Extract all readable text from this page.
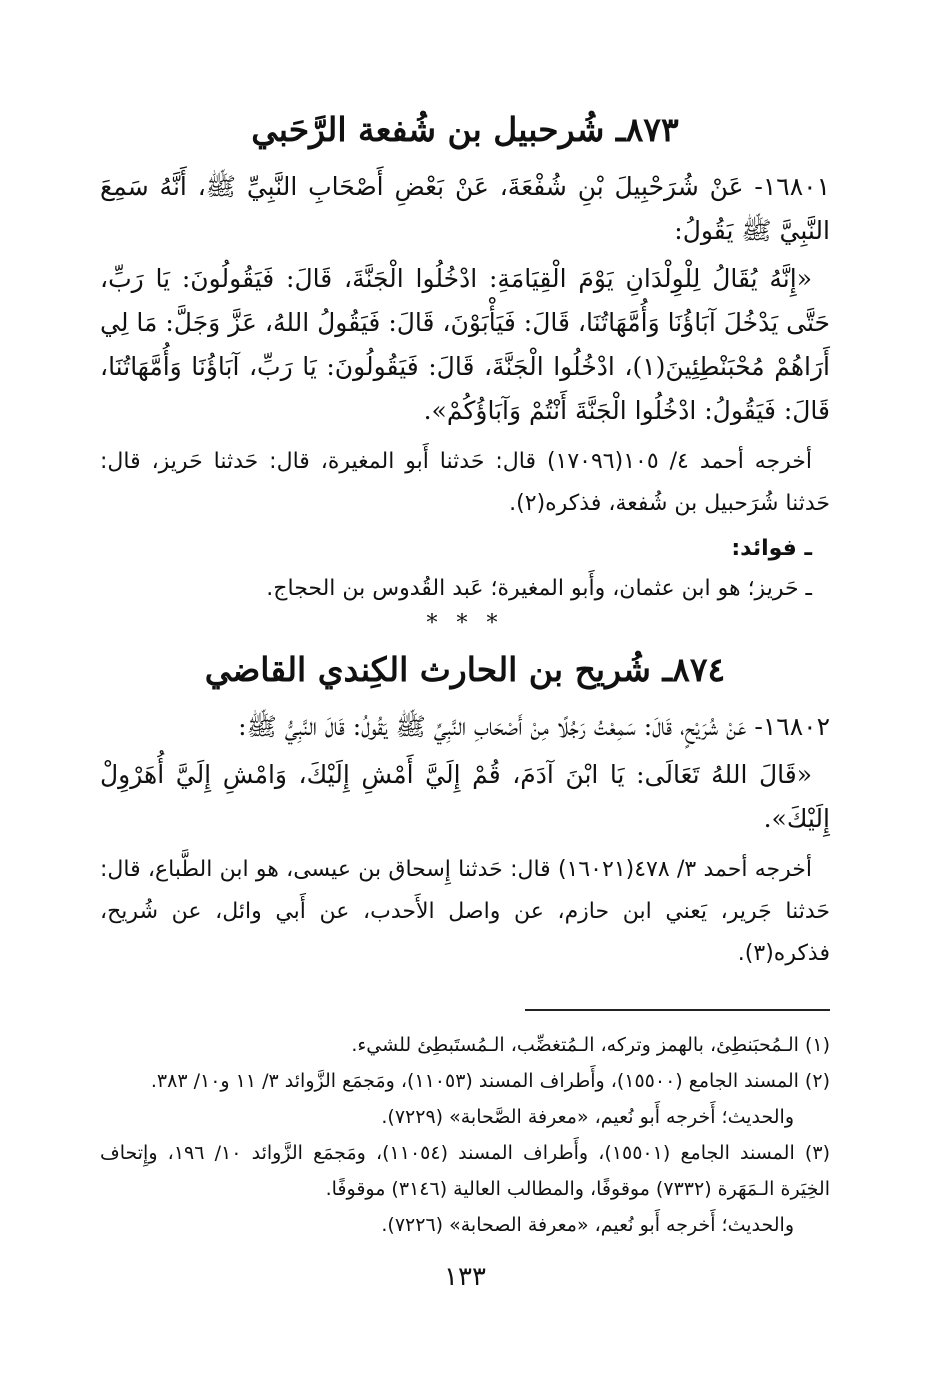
٨٧٣ـ شُرحبيل بن شُفعة الرَّحَبي

١٦٨٠١- عَنْ شُرَحْبِيلَ بْنِ شُفْعَةَ، عَنْ بَعْضِ أَصْحَابِ النَّبِيِّ ﷺ، أَنَّهُ سَمِعَ النَّبِيَّ ﷺ يَقُولُ:

«إِنَّهُ يُقَالُ لِلْوِلْدَانِ يَوْمَ الْقِيَامَةِ: ادْخُلُوا الْجَنَّةَ، قَالَ: فَيَقُولُونَ: يَا رَبِّ، حَتَّى يَدْخُلَ آبَاؤُنَا وَأُمَّهَاتُنَا، قَالَ: فَيَأْبَوْنَ، قَالَ: فَيَقُولُ اللهُ، عَزَّ وَجَلَّ: مَا لِي أَرَاهُمْ مُحْبَنْطِئِينَ(١)، ادْخُلُوا الْجَنَّةَ، قَالَ: فَيَقُولُونَ: يَا رَبِّ، آبَاؤُنَا وَأُمَّهَاتُنَا، قَالَ: فَيَقُولُ: ادْخُلُوا الْجَنَّةَ أَنْتُمْ وَآبَاؤُكُمْ».

أخرجه أحمد ٤/ ١٠٥(١٧٠٩٦) قال: حَدثنا أَبو المغيرة، قال: حَدثنا حَريز، قال: حَدثنا شُرَحبيل بن شُفعة، فذكره(٢).

ـ فوائد:
ـ حَريز؛ هو ابن عثمان، وأَبو المغيرة؛ عَبد القُدوس بن الحجاج.
* * *
٨٧٤ـ شُريح بن الحارث الكِندي القاضي

١٦٨٠٢- عَنْ شُرَيْحٍ، قَالَ: سَمِعْتُ رَجُلًا مِنْ أَصْحَابِ النَّبِيِّ ﷺ يَقُولُ: قَالَ النَّبِيُّ ﷺ:

«قَالَ اللهُ تَعَالَى: يَا ابْنَ آدَمَ، قُمْ إِلَيَّ أَمْشِ إِلَيْكَ، وَامْشِ إِلَيَّ أُهَرْوِلْ إِلَيْكَ».

أخرجه أحمد ٣/ ٤٧٨(١٦٠٢١) قال: حَدثنا إِسحاق بن عيسى، هو ابن الطَّباع، قال: حَدثنا جَرير، يَعني ابن حازم، عن واصل الأَحدب، عن أَبي وائل، عن شُريح، فذكره(٣).

(١) الـمُحبَنطِئ، بالهمز وتركه، الـمُتغضِّب، الـمُستَبطِئ للشيء.

(٢) المسند الجامع (١٥٥٠٠)، وأَطراف المسند (١١٠٥٣)، ومَجمَع الزَّوائد ٣/ ١١ و١٠/ ٣٨٣.

والحديث؛ أَخرجه أَبو نُعيم، «معرفة الصَّحابة» (٧٢٢٩).

(٣) المسند الجامع (١٥٥٠١)، وأَطراف المسند (١١٠٥٤)، ومَجمَع الزَّوائد ١٠/ ١٩٦، وإِتحاف الخِيَرة الـمَهَرة (٧٣٣٢) موقوفًا، والمطالب العالية (٣١٤٦) موقوفًا.

والحديث؛ أَخرجه أَبو نُعيم، «معرفة الصحابة» (٧٢٢٦).

١٣٣
